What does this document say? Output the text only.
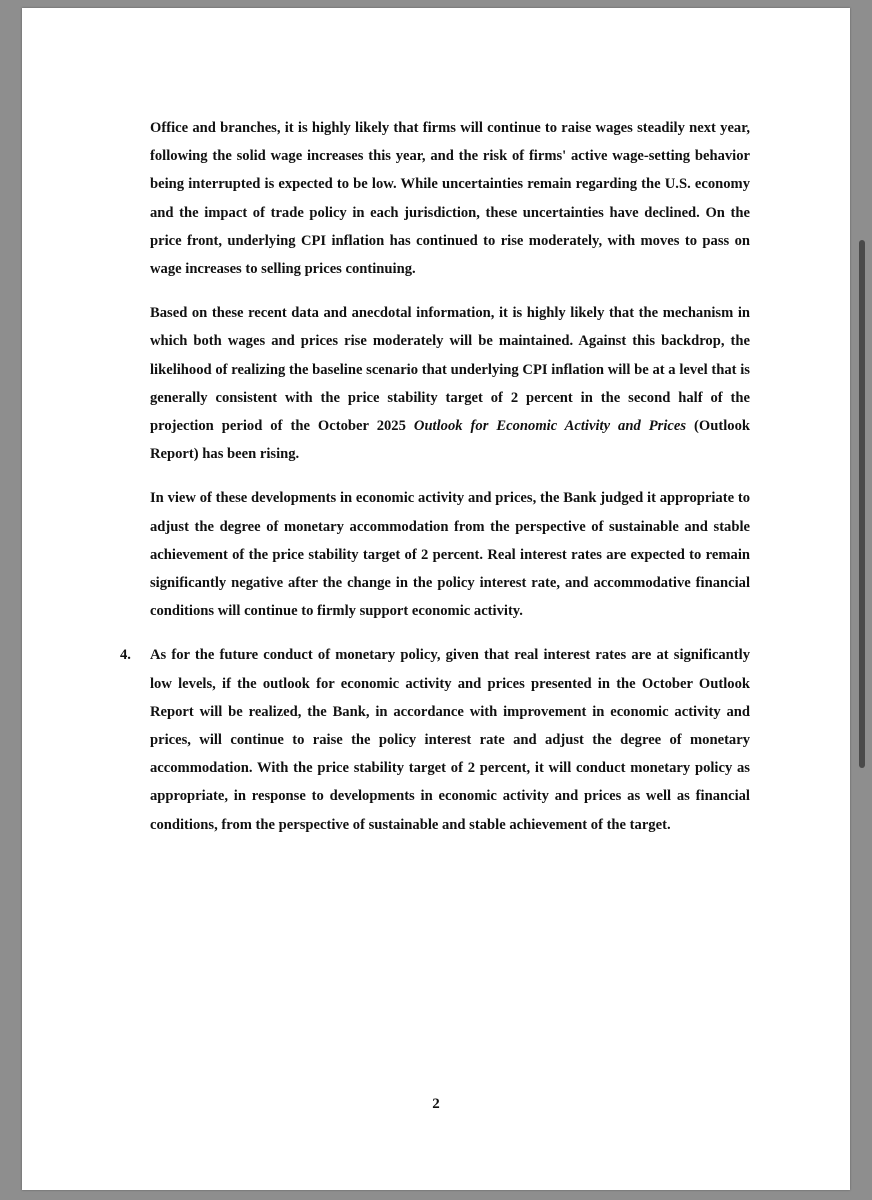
Office and branches, it is highly likely that firms will continue to raise wages steadily next year, following the solid wage increases this year, and the risk of firms' active wage-setting behavior being interrupted is expected to be low. While uncertainties remain regarding the U.S. economy and the impact of trade policy in each jurisdiction, these uncertainties have declined. On the price front, underlying CPI inflation has continued to rise moderately, with moves to pass on wage increases to selling prices continuing.

Based on these recent data and anecdotal information, it is highly likely that the mechanism in which both wages and prices rise moderately will be maintained. Against this backdrop, the likelihood of realizing the baseline scenario that underlying CPI inflation will be at a level that is generally consistent with the price stability target of 2 percent in the second half of the projection period of the October 2025 Outlook for Economic Activity and Prices (Outlook Report) has been rising.

In view of these developments in economic activity and prices, the Bank judged it appropriate to adjust the degree of monetary accommodation from the perspective of sustainable and stable achievement of the price stability target of 2 percent. Real interest rates are expected to remain significantly negative after the change in the policy interest rate, and accommodative financial conditions will continue to firmly support economic activity.

4. As for the future conduct of monetary policy, given that real interest rates are at significantly low levels, if the outlook for economic activity and prices presented in the October Outlook Report will be realized, the Bank, in accordance with improvement in economic activity and prices, will continue to raise the policy interest rate and adjust the degree of monetary accommodation. With the price stability target of 2 percent, it will conduct monetary policy as appropriate, in response to developments in economic activity and prices as well as financial conditions, from the perspective of sustainable and stable achievement of the target.
2
